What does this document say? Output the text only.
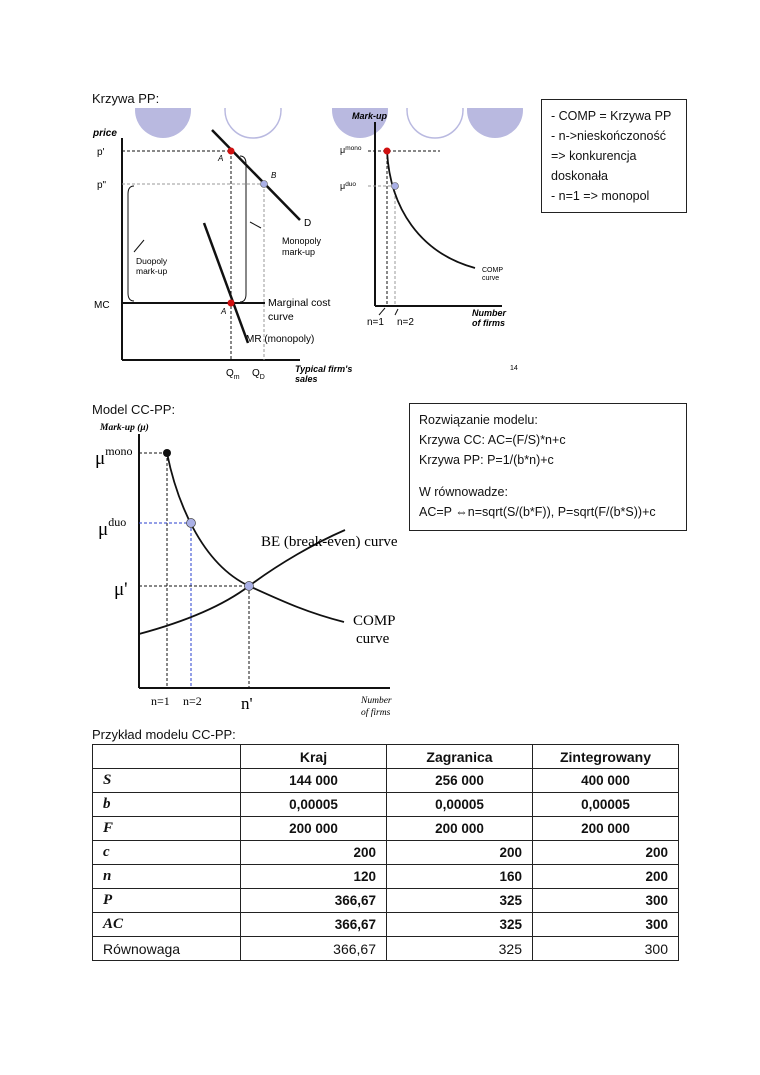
Krzywa PP:
price
Typical firm's
sales
p'
p"
MC
D
MR (monopoly)
A
B
A
Duopoly
mark-up
Monopoly
mark-up
Marginal cost
curve
$Q_m$ $Q_D$
Mark-up
$\mu^{mono}$
$\mu^{duo}$
COMP
curve
n=1 n=2
Number
of firms
14
- COMP = Krzywa PP
- n->nieskończoność
=> konkurencja
doskonała
- n=1 => monopol
Model CC-PP:
Mark-up (μ)
$\mu^{mono}$
$\mu^{duo}$
μ'
BE (break-even) curve
COMP
curve
n=1 n=2 n'	Number
of firms
Rozwiązanie modelu:
Krzywa CC: AC=(F/S)*n+c
Krzywa PP: P=1/(b*n)+c
W równowadze:
AC=P ⇔n=sqrt(S/(b*F)), P=sqrt(F/(b*S))+c
Przykład modelu CC-PP:
	Kraj	Zagranica	Zintegrowany
S	144 000	256 000	400 000
b	0,00005	0,00005	0,00005
F	200 000	200 000	200 000
c	200	200	200
n	120	160	200
P	366,67	325	300
AC	366,67	325	300
Równowaga	366,67	325	300
